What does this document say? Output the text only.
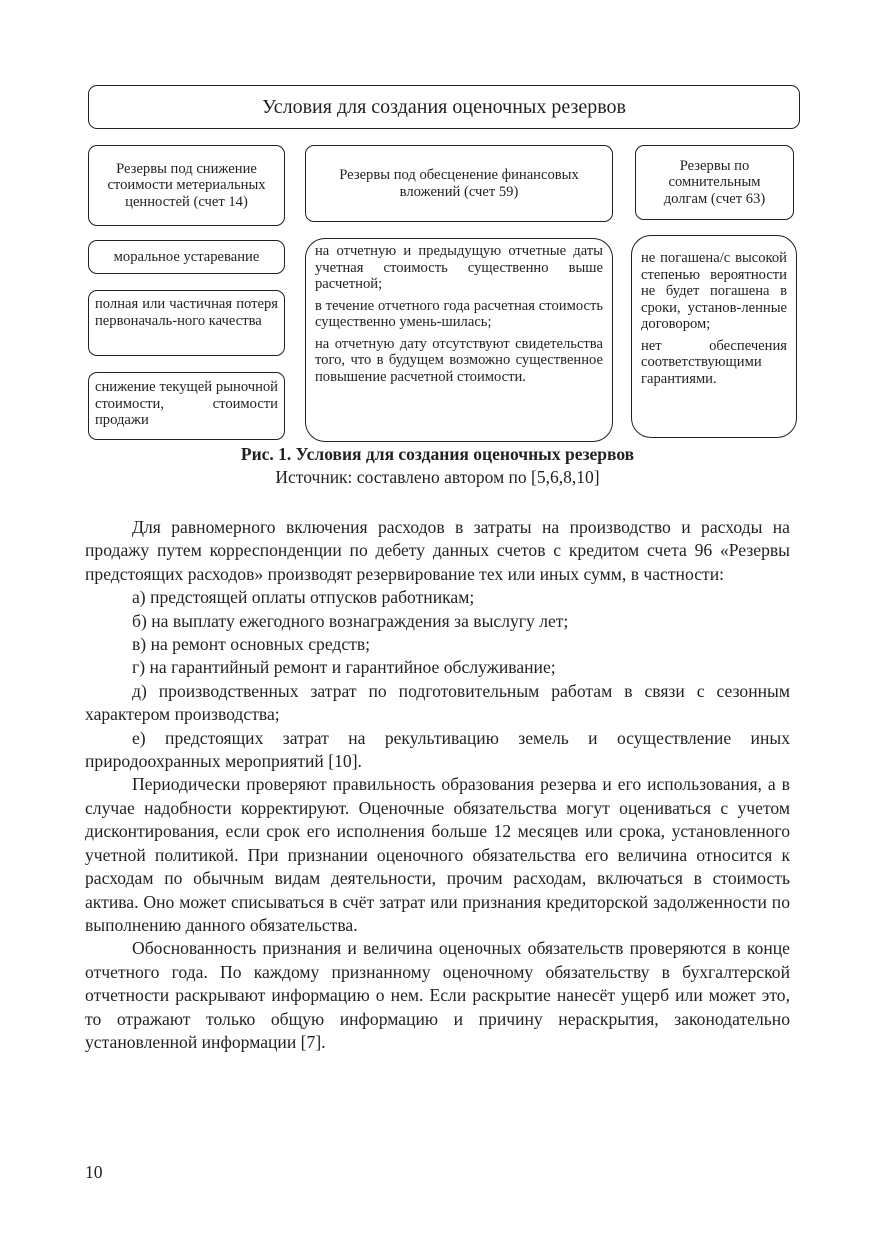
Условия для создания оценочных резервов
Резервы под снижение стоимости метериальных ценностей (счет 14)
Резервы под обесценение финансовых вложений (счет 59)
Резервы по сомнительным долгам (счет 63)
моральное устаревание
полная или частичная потеря первоначаль-ного качества
снижение текущей рыночной стоимости, стоимости продажи

на отчетную и предыдущую отчетные даты учетная стоимость существенно выше расчетной;

в течение отчетного года расчетная стоимость существенно умень-шилась;

на отчетную дату отсутствуют свидетельства того, что в будущем возможно существенное повышение расчетной стоимости.

не погашена/с высокой степенью вероятности не будет погашена в сроки, установ-ленные договором;

нет обеспечения соответствующими гарантиями.

Рис. 1. Условия для создания оценочных резервов
Источник: составлено автором по [5,6,8,10]

Для равномерного включения расходов в затраты на производство и расходы на продажу путем корреспонденции по дебету данных счетов с кредитом счета 96 «Резервы предстоящих расходов» производят резервирование тех или иных сумм, в частности:

а) предстоящей оплаты отпусков работникам;

б) на выплату ежегодного вознаграждения за выслугу лет;

в) на ремонт основных средств;

г) на гарантийный ремонт и гарантийное обслуживание;

д) производственных затрат по подготовительным работам в связи с сезонным характером производства;

е) предстоящих затрат на рекультивацию земель и осуществление иных природоохранных мероприятий [10].

Периодически проверяют правильность образования резерва и его использования, а в случае надобности корректируют. Оценочные обязательства могут оцениваться с учетом дисконтирования, если срок его исполнения больше 12 месяцев или срока, установленного учетной политикой. При признании оценочного обязательства его величина относится к расходам по обычным видам деятельности, прочим расходам, включаться в стоимость актива. Оно может списываться в счёт затрат или признания кредиторской задолженности по выполнению данного обязательства.

Обоснованность признания и величина оценочных обязательств проверяются в конце отчетного года. По каждому признанному оценочному обязательству в бухгалтерской отчетности раскрывают информацию о нем. Если раскрытие нанесёт ущерб или может это, то отражают только общую информацию и причину нераскрытия, законодательно установленной информации [7].

10
